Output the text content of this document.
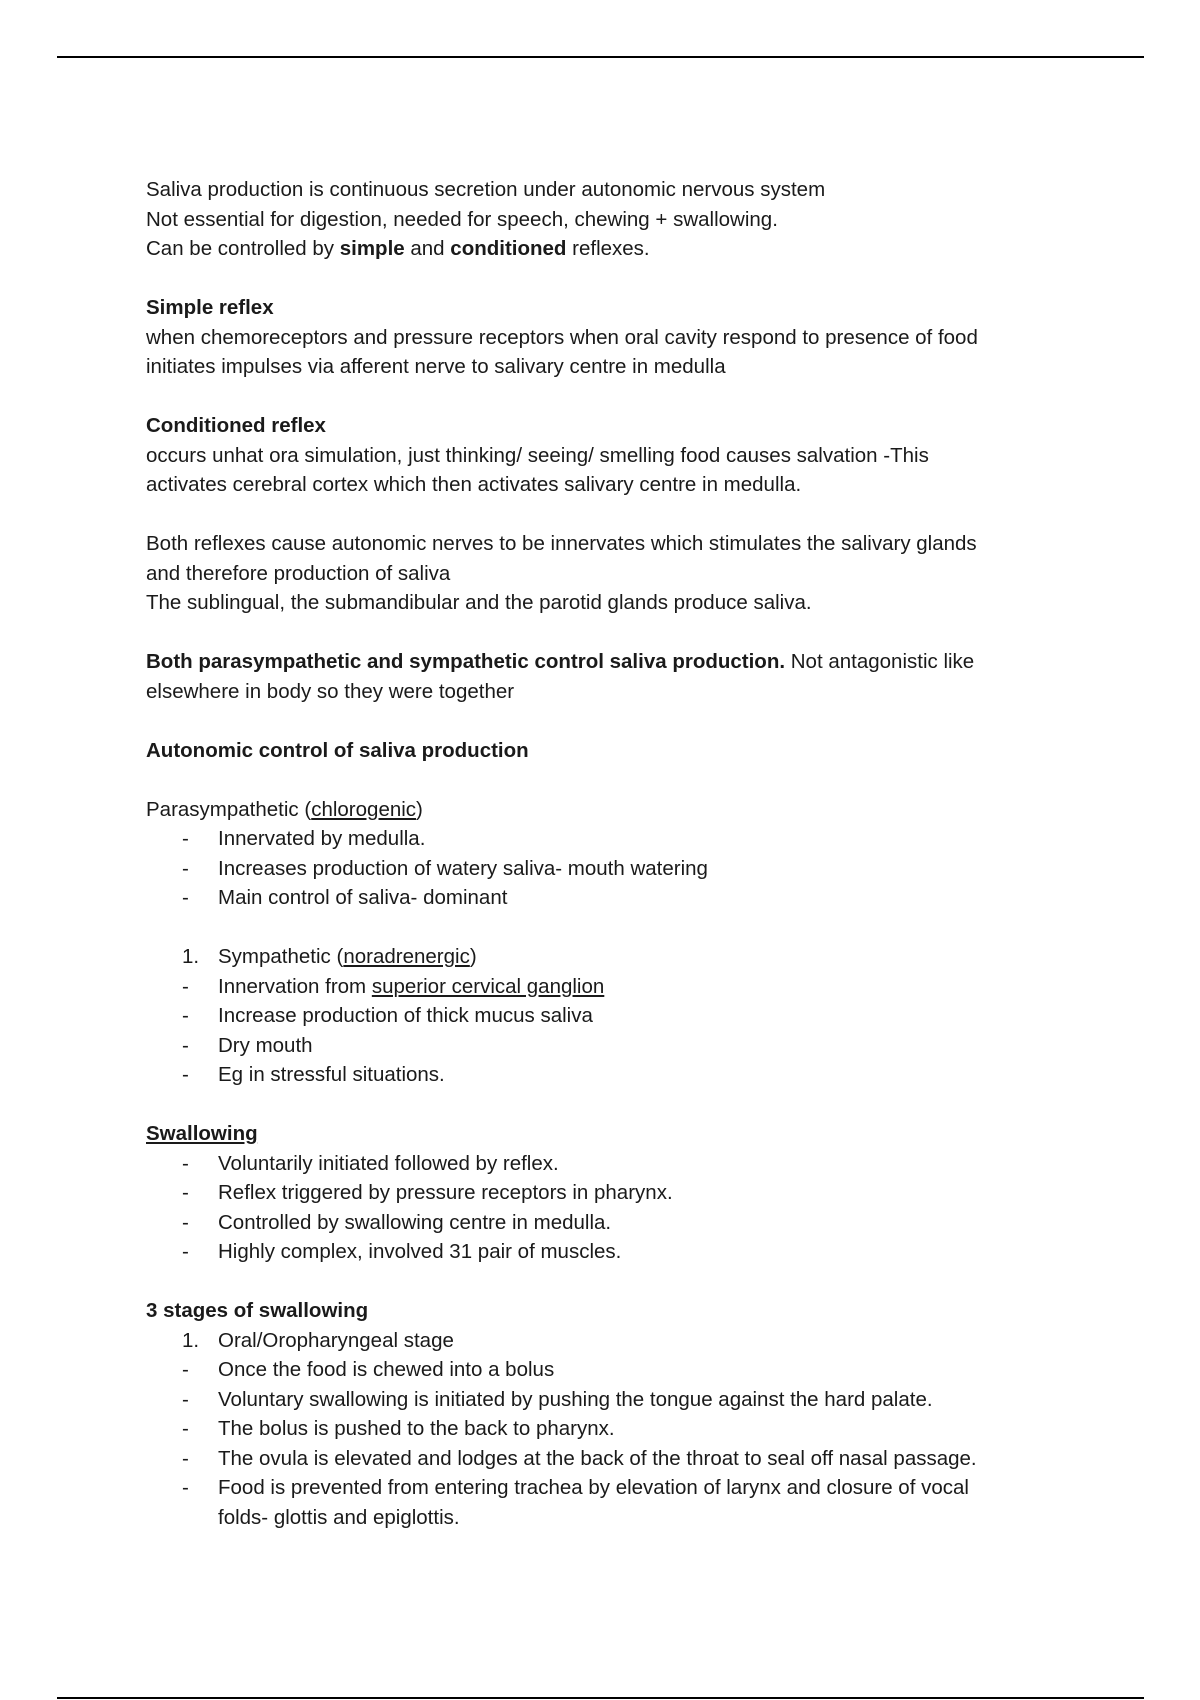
Saliva production is continuous secretion under autonomic nervous system

Not essential for digestion, needed for speech, chewing + swallowing.

Can be controlled by simple and conditioned reflexes.

Simple reflex

when chemoreceptors and pressure receptors when oral cavity respond to presence of food

initiates impulses via afferent nerve to salivary centre in medulla

Conditioned reflex

occurs unhat ora simulation, just thinking/ seeing/ smelling food causes salvation -This

activates cerebral cortex which then activates salivary centre in medulla.

Both reflexes cause autonomic nerves to be innervates which stimulates the salivary glands

and therefore production of saliva

The sublingual, the submandibular and the parotid glands produce saliva.

Both parasympathetic and sympathetic control saliva production. Not antagonistic like

elsewhere in body so they were together

Autonomic control of saliva production

Parasympathetic (chlorogenic)

- Innervated by medulla.

- Increases production of watery saliva- mouth watering

- Main control of saliva- dominant

1. Sympathetic (noradrenergic)

- Innervation from superior cervical ganglion

- Increase production of thick mucus saliva

- Dry mouth

- Eg in stressful situations.

Swallowing

- Voluntarily initiated followed by reflex.

- Reflex triggered by pressure receptors in pharynx.

- Controlled by swallowing centre in medulla.

- Highly complex, involved 31 pair of muscles.

3 stages of swallowing

1. Oral/Oropharyngeal stage

- Once the food is chewed into a bolus

- Voluntary swallowing is initiated by pushing the tongue against the hard palate.

- The bolus is pushed to the back to pharynx.

- The ovula is elevated and lodges at the back of the throat to seal off nasal passage.

- Food is prevented from entering trachea by elevation of larynx and closure of vocal

folds- glottis and epiglottis.
